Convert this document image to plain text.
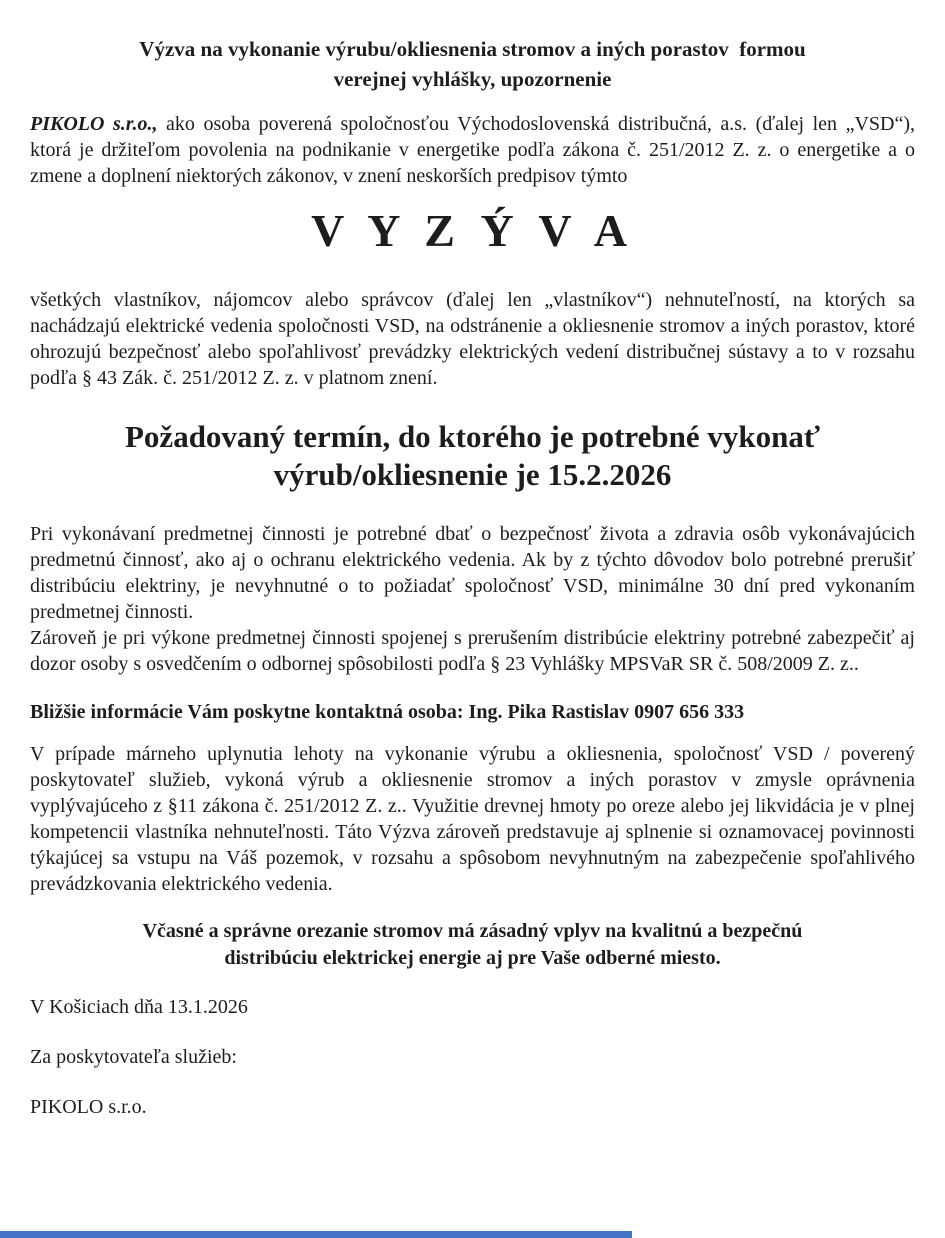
Výzva na vykonanie výrubu/okliesnenia stromov a iných porastov  formou
verejnej vyhlášky, upozornenie

PIKOLO s.r.o., ako osoba poverená spoločnosťou Východoslovenská distribučná, a.s. (ďalej len „VSD“), ktorá je držiteľom povolenia na podnikanie v energetike podľa zákona č. 251/2012 Z. z. o energetike a o zmene a doplnení niektorých zákonov, v znení neskorších predpisov týmto

V Y Z Ý V A

všetkých vlastníkov, nájomcov alebo správcov (ďalej len „vlastníkov“) nehnuteľností, na ktorých sa nachádzajú elektrické vedenia spoločnosti VSD, na odstránenie a okliesnenie stromov a iných porastov, ktoré ohrozujú bezpečnosť alebo spoľahlivosť prevádzky elektrických vedení distribučnej sústavy a to v rozsahu podľa § 43 Zák. č. 251/2012 Z. z. v platnom znení.

Požadovaný termín, do ktorého je potrebné vykonať
výrub/okliesnenie je 15.2.2026

Pri vykonávaní predmetnej činnosti je potrebné dbať o bezpečnosť života a zdravia osôb vykonávajúcich predmetnú činnosť, ako aj o ochranu elektrického vedenia. Ak by z týchto dôvodov bolo potrebné prerušiť distribúciu elektriny, je nevyhnutné o to požiadať spoločnosť VSD, minimálne 30 dní pred vykonaním predmetnej činnosti.

Zároveň je pri výkone predmetnej činnosti spojenej s prerušením distribúcie elektriny potrebné zabezpečiť aj dozor osoby s osvedčením o odbornej spôsobilosti podľa § 23 Vyhlášky MPSVaR SR č. 508/2009 Z. z..

Bližšie informácie Vám poskytne kontaktná osoba: Ing. Pika Rastislav 0907 656 333

V prípade márneho uplynutia lehoty na vykonanie výrubu a okliesnenia, spoločnosť VSD / poverený poskytovateľ služieb, vykoná výrub a okliesnenie stromov a iných porastov v zmysle oprávnenia vyplývajúceho z §11 zákona č. 251/2012 Z. z.. Využitie drevnej hmoty po oreze alebo jej likvidácia je v plnej kompetencii vlastníka nehnuteľnosti. Táto Výzva zároveň predstavuje aj splnenie si oznamovacej povinnosti týkajúcej sa vstupu na Váš pozemok, v rozsahu a spôsobom nevyhnutným na zabezpečenie spoľahlivého prevádzkovania elektrického vedenia.

Včasné a správne orezanie stromov má zásadný vplyv na kvalitnú a bezpečnú
distribúciu elektrickej energie aj pre Vaše odberné miesto.

V Košiciach dňa 13.1.2026

Za poskytovateľa služieb:

PIKOLO s.r.o.
